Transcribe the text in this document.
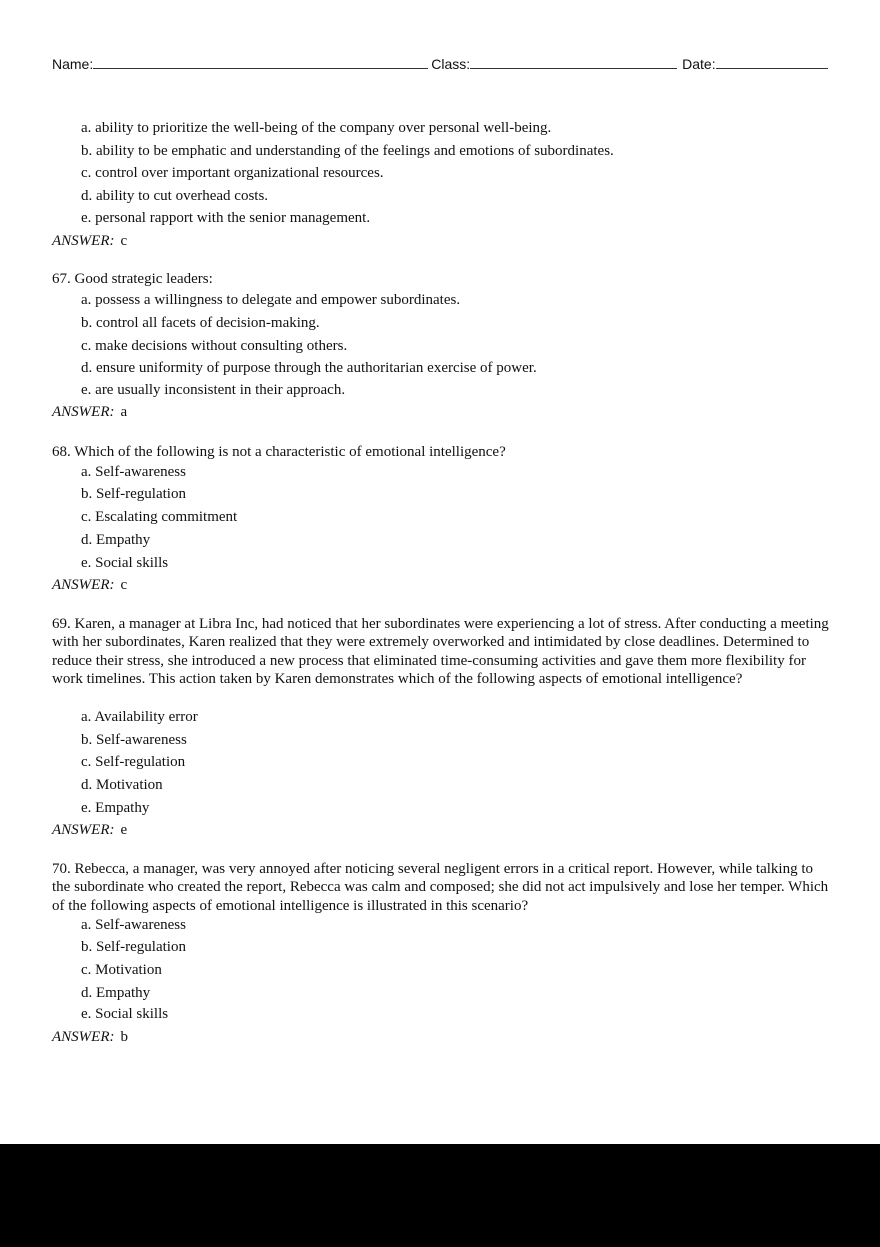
Name:	Class:	Date:
a. ability to prioritize the well-being of the company over personal well-being.
b. ability to be emphatic and understanding of the feelings and emotions of subordinates.
c. control over important organizational resources.
d. ability to cut overhead costs.
e. personal rapport with the senior management.
ANSWER: c
67. Good strategic leaders:
a. possess a willingness to delegate and empower subordinates.
b. control all facets of decision-making.
c. make decisions without consulting others.
d. ensure uniformity of purpose through the authoritarian exercise of power.
e. are usually inconsistent in their approach.
ANSWER: a
68. Which of the following is not a characteristic of emotional intelligence?
a. Self-awareness
b. Self-regulation
c. Escalating commitment
d. Empathy
e. Social skills
ANSWER: c
69. Karen, a manager at Libra Inc, had noticed that her subordinates were experiencing a lot of stress. After conducting a meeting with her subordinates, Karen realized that they were extremely overworked and intimidated by close deadlines. Determined to reduce their stress, she introduced a new process that eliminated time-consuming activities and gave them more flexibility for work timelines. This action taken by Karen demonstrates which of the following aspects of emotional intelligence?
a. Availability error
b. Self-awareness
c. Self-regulation
d. Motivation
e. Empathy
ANSWER: e
70. Rebecca, a manager, was very annoyed after noticing several negligent errors in a critical report. However, while talking to the subordinate who created the report, Rebecca was calm and composed; she did not act impulsively and lose her temper. Which of the following aspects of emotional intelligence is illustrated in this scenario?
a. Self-awareness
b. Self-regulation
c. Motivation
d. Empathy
e. Social skills
ANSWER: b
